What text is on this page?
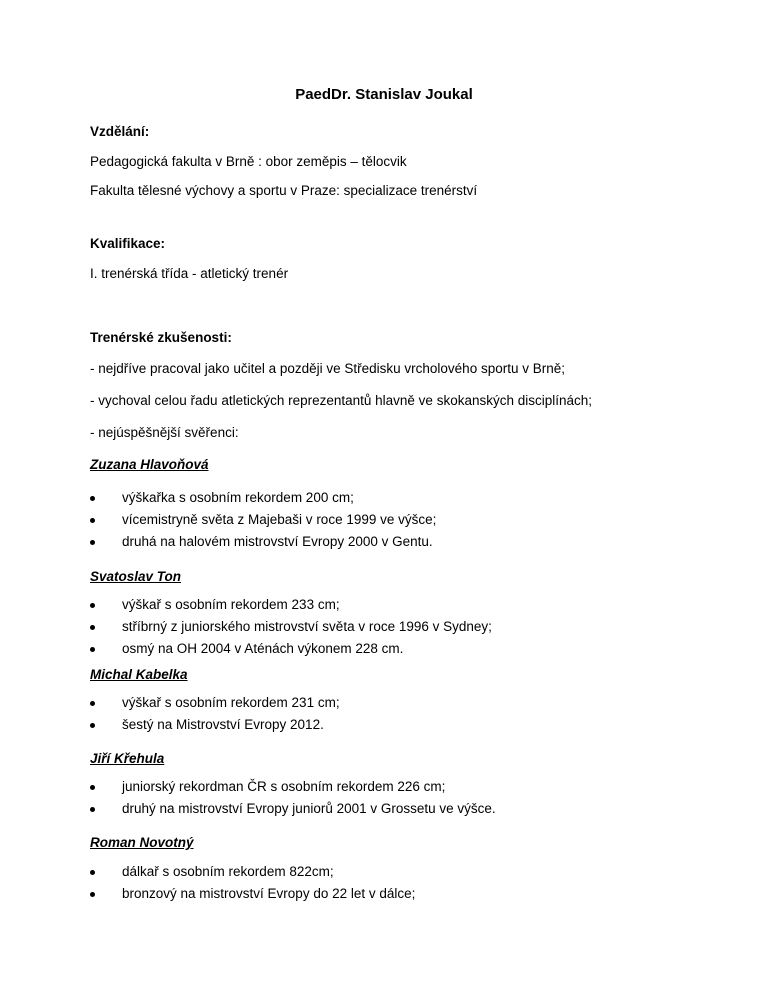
PaedDr. Stanislav Joukal
Vzdělání:
Pedagogická fakulta v Brně : obor zeměpis – tělocvik
Fakulta tělesné výchovy a sportu v Praze: specializace trenérství
Kvalifikace:
I. trenérská třída - atletický trenér
Trenérské zkušenosti:
- nejdříve pracoval jako učitel a později ve Středisku vrcholového sportu v Brně;
- vychoval celou řadu atletických reprezentantů hlavně ve skokanských disciplínách;
- nejúspěšnější svěřenci:
Zuzana Hlavoňová
výškařka s osobním rekordem 200 cm;
vícemistryně světa z Majebaši v roce 1999 ve výšce;
druhá na halovém mistrovství Evropy 2000 v Gentu.
Svatoslav Ton
výškař s osobním rekordem 233 cm;
stříbrný z juniorského mistrovství světa v roce 1996 v Sydney;
osmý na OH 2004 v Aténách výkonem 228 cm.
Michal Kabelka
výškař s osobním rekordem 231 cm;
šestý na Mistrovství Evropy 2012.
Jiří Křehula
juniorský rekordman ČR s osobním rekordem 226 cm;
druhý na mistrovství Evropy juniorů 2001 v Grossetu ve výšce.
Roman Novotný
dálkař s osobním rekordem 822cm;
bronzový na mistrovství Evropy do 22 let v dálce;
